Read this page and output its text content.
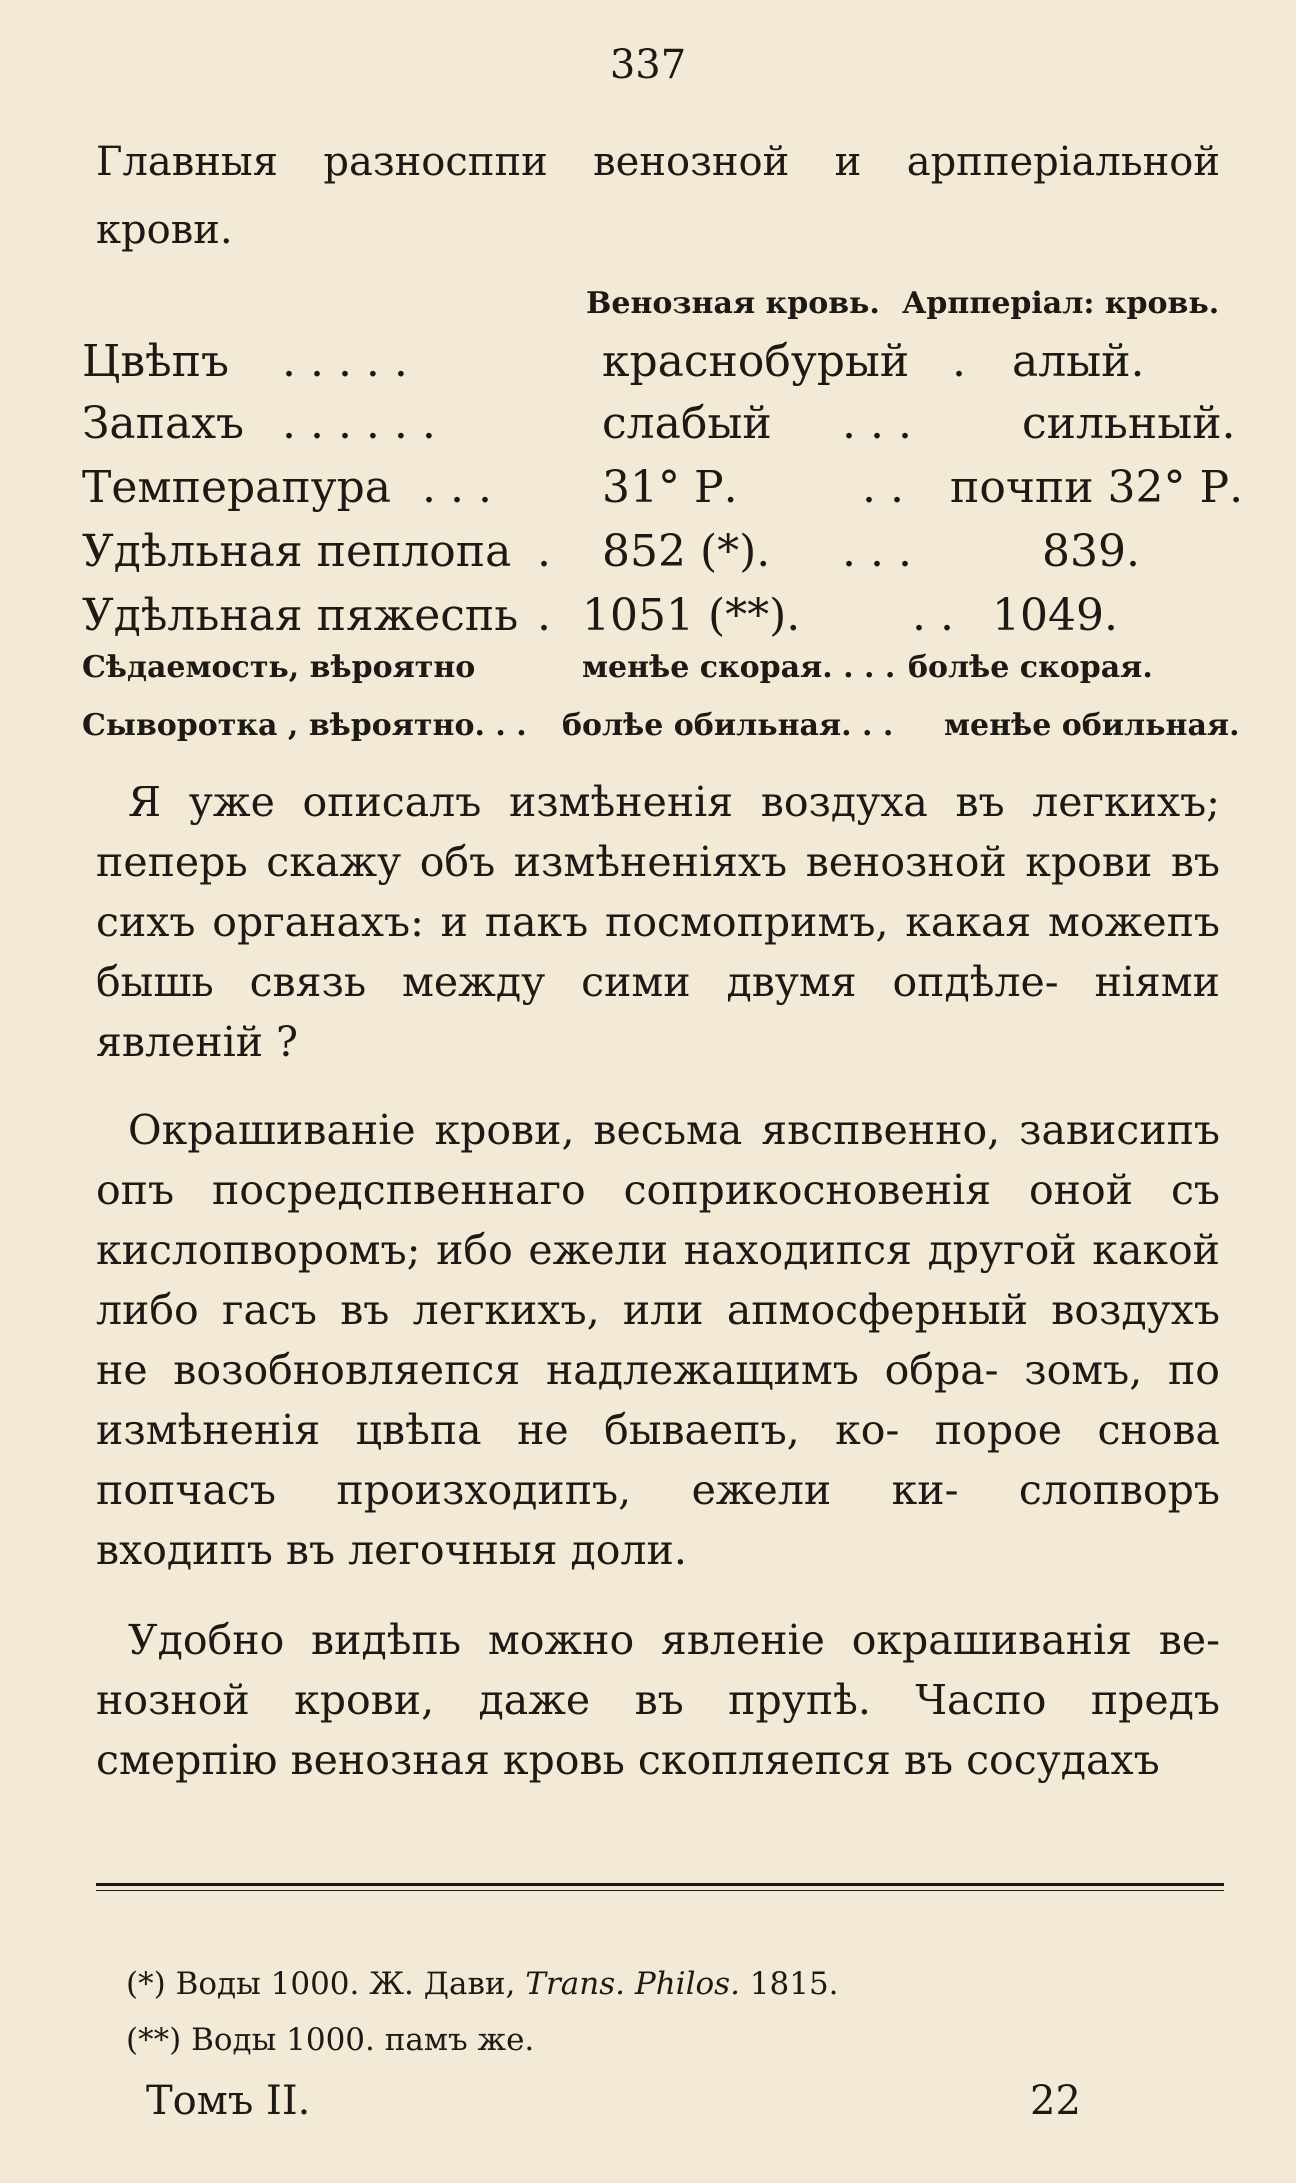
337
Главныя разносппи венозной и арпперіальной
крови.
Венозная кровь. Арпперіал: кровь.
Цвѣпъ . . . . .	краснобурый . алый.
Запахъ . . . . . .	слабый . . .	сильный.
Темперапура . . .	31° Р.	. . почпи 32° Р.
Удѣльная пеплопа . 852 (*). . . .	839.
Удѣльная пяжеспь . 1051 (**).	. . 1049.
Сѣдаемость, вѣроятно	менѣе скорая. . . . болѣе скорая.
Сыворотка , вѣроятно. . . болѣе обильная. . . менѣе обильная.
Я уже описалъ измѣненія воздуха въ легкихъ; пеперь скажу объ измѣненіяхъ венозной крови въ сихъ органахъ: и пакъ посмопримъ, какая можепъ бышь связь между сими двумя опдѣле- ніями явленій ?
Окрашиваніе крови, весьма явспвенно, зависипъ опъ посредспвеннаго соприкосновенія оной съ кислопворомъ; ибо ежели находипся другой какой либо гасъ въ легкихъ, или апмосферный воздухъ не возобновляепся надлежащимъ обра- зомъ, по измѣненія цвѣпа не бываепъ, ко- порое снова попчасъ произходипъ, ежели ки- слопворъ входипъ въ легочныя доли.
Удобно видѣпь можно явленіе окрашиванія ве- нозной крови, даже въ прупѣ. Часпо предъ смерпію венозная кровь скопляепся въ сосудахъ
(*) Воды 1000. Ж. Дави, Trans. Philos. 1815.
(**) Воды 1000. памъ же.
Томъ II.	22
